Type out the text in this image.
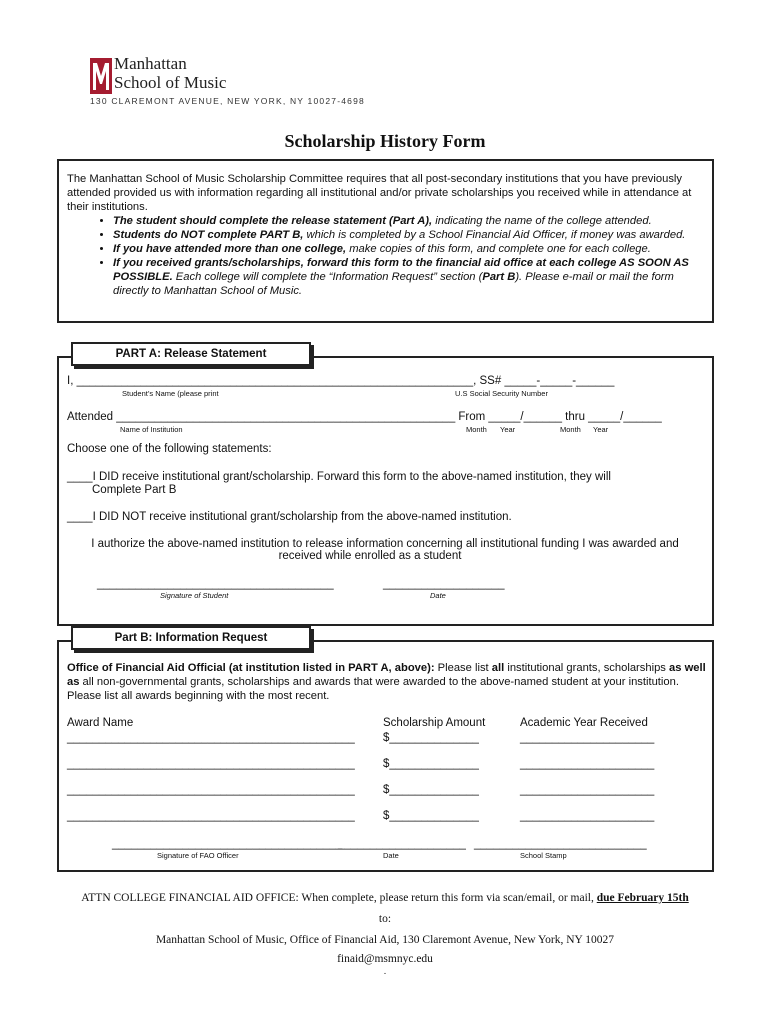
Manhattan
School of Music
130 CLAREMONT AVENUE, NEW YORK, NY 10027-4698
Scholarship History Form
The Manhattan School of Music Scholarship Committee requires that all post-secondary institutions that you have previously attended provided us with information regarding all institutional and/or private scholarships you received while in attendance at their institutions.
• The student should complete the release statement (Part A), indicating the name of the college attended.
• Students do NOT complete PART B, which is completed by a School Financial Aid Officer, if money was awarded.
• If you have attended more than one college, make copies of this form, and complete one for each college.
• If you received grants/scholarships, forward this form to the financial aid office at each college AS SOON AS POSSIBLE. Each college will complete the “Information Request” section (Part B). Please e-mail or mail the form directly to Manhattan School of Music.
PART A: Release Statement
I, ______________________________________________________________, SS# _____-_____-______
Student’s Name (please print	U.S Social Security Number
Attended _____________________________________________________ From _____/______ thru _____/______
Name of Institution	Month Year	Month Year
Choose one of the following statements:
____I DID receive institutional grant/scholarship. Forward this form to the above-named institution, they will
Complete Part B
____I DID NOT receive institutional grant/scholarship from the above-named institution.
I authorize the above-named institution to release information concerning all institutional funding I was awarded and
received while enrolled as a student
_____________________________________	___________________
Signature of Student	Date
Part B: Information Request
Office of Financial Aid Official (at institution listed in PART A, above): Please list all institutional grants, scholarships as well as all non-governmental grants, scholarships and awards that were awarded to the above-named student at your institution. Please list all awards beginning with the most recent.
Award Name	Scholarship Amount	Academic Year Received
_____________________________________________ $______________	_____________________
_____________________________________________ $______________	_____________________
_____________________________________________ $______________	_____________________
_____________________________________________ $______________	_____________________
____________________________________
____________________ ___________________________
Signature of FAO Officer	Date	School Stamp
ATTN COLLEGE FINANCIAL AID OFFICE: When complete, please return this form via scan/email, or mail, due February 15th
to:
Manhattan School of Music, Office of Financial Aid, 130 Claremont Avenue, New York, NY 10027
finaid@msmnyc.edu
.
